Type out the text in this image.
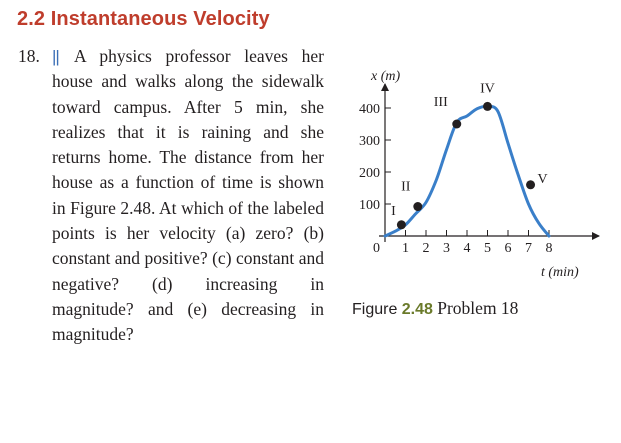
2.2 Instantaneous Velocity
18. || A physics professor leaves her house and walks along the sidewalk toward campus. After 5 min, she realizes that it is raining and she returns home. The distance from her house as a function of time is shown in Figure 2.48. At which of the labeled points is her velocity (a) zero? (b) constant and positive? (c) constant and negative? (d) increasing in magnitude? and (e) decreasing in magnitude?

x (m)
t (min)
100
200
300
400
0 1 2 3 4 5 6 7 8
I
II
III
IV
V
Figure 2.48 Problem 18
